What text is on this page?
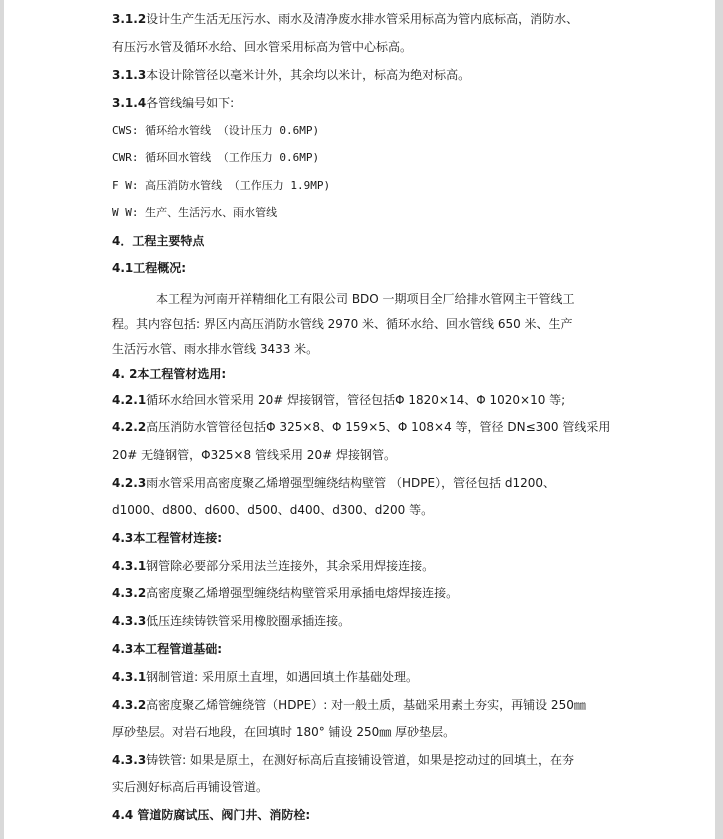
3.1.2设计生产生活无压污水、雨水及清净废水排水管采用标高为管内底标高，消防水、
有压污水管及循环水给、回水管采用标高为管中心标高。
3.1.3本设计除管径以毫米计外，其余均以米计，标高为绝对标高。
3.1.4各管线编号如下:
CWS: 循环给水管线 （设计压力 0.6MP)
CWR: 循环回水管线 （工作压力 0.6MP)
F W: 高压消防水管线 （工作压力 1.9MP)
W W: 生产、生活污水、雨水管线
4．工程主要特点
4.1工程概况:
本工程为河南开祥精细化工有限公司 BDO 一期项目全厂给排水管网主干管线工
程。其内容包括: 界区内高压消防水管线 2970 米、循环水给、回水管线 650 米、生产
生活污水管、雨水排水管线 3433 米。
4. 2本工程管材选用:
4.2.1循环水给回水管采用 20# 焊接钢管，管径包括Φ 1820×14、Φ 1020×10 等;
4.2.2高压消防水管管径包括Φ 325×8、Φ 159×5、Φ 108×4 等，管径 DN≤300 管线采用
20# 无缝钢管，Φ325×8 管线采用 20# 焊接钢管。
4.2.3雨水管采用高密度聚乙烯增强型缠绕结构壁管 （HDPE），管径包括 d1200、
d1000、d800、d600、d500、d400、d300、d200 等。
4.3本工程管材连接:
4.3.1钢管除必要部分采用法兰连接外，其余采用焊接连接。
4.3.2高密度聚乙烯增强型缠绕结构壁管采用承插电熔焊接连接。
4.3.3低压连续铸铁管采用橡胶圈承插连接。
4.3本工程管道基础:
4.3.1钢制管道: 采用原土直埋，如遇回填土作基础处理。
4.3.2高密度聚乙烯管缠绕管（HDPE）: 对一般土质，基础采用素土夯实，再铺设 250㎜
厚砂垫层。对岩石地段，在回填时 180° 铺设 250㎜ 厚砂垫层。
4.3.3铸铁管: 如果是原土，在测好标高后直接铺设管道，如果是挖动过的回填土，在夯
实后测好标高后再铺设管道。
4.4 管道防腐试压、阀门井、消防栓:
